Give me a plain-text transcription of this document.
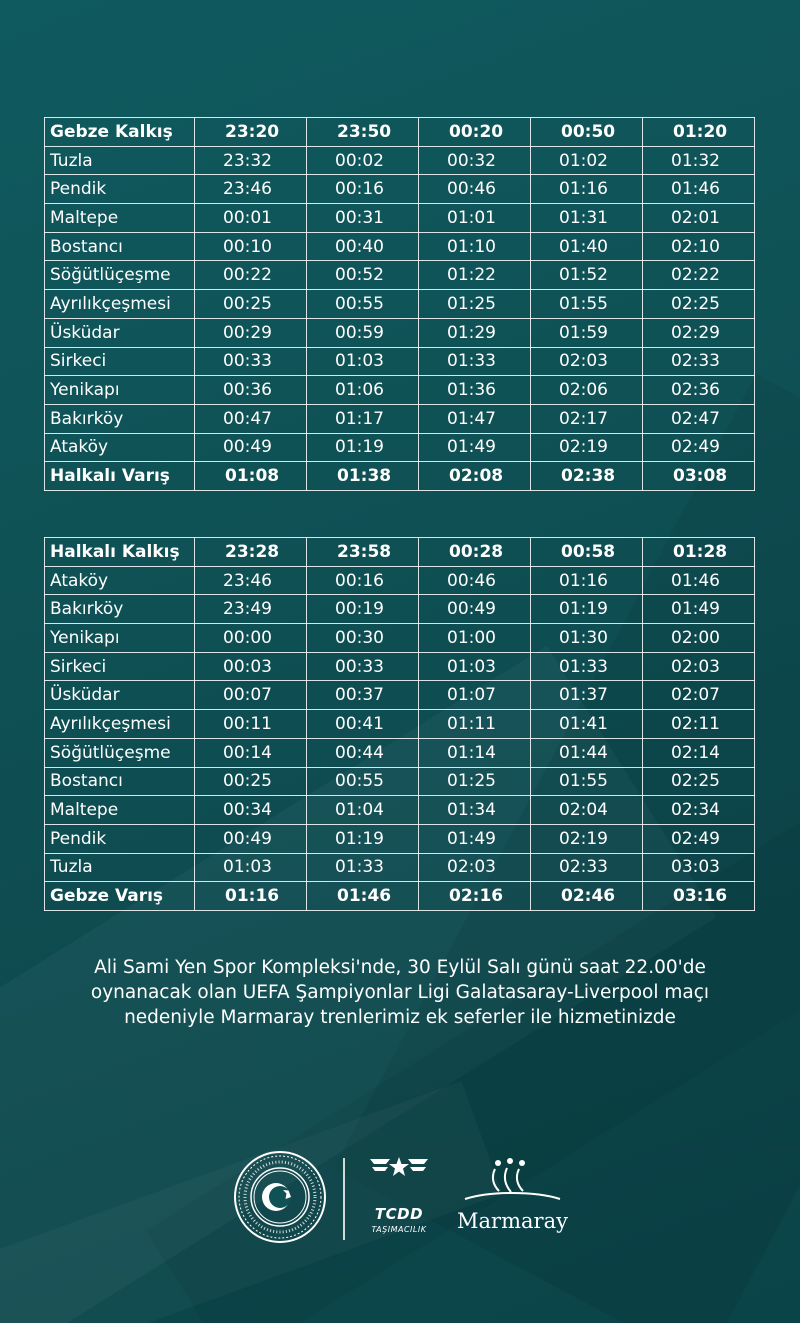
Gebze Kalkış	23:20	23:50	00:20	00:50	01:20
Tuzla	23:32	00:02	00:32	01:02	01:32
Pendik	23:46	00:16	00:46	01:16	01:46
Maltepe	00:01	00:31	01:01	01:31	02:01
Bostancı	00:10	00:40	01:10	01:40	02:10
Söğütlüçeşme	00:22	00:52	01:22	01:52	02:22
Ayrılıkçeşmesi	00:25	00:55	01:25	01:55	02:25
Üsküdar	00:29	00:59	01:29	01:59	02:29
Sirkeci	00:33	01:03	01:33	02:03	02:33
Yenikapı	00:36	01:06	01:36	02:06	02:36
Bakırköy	00:47	01:17	01:47	02:17	02:47
Ataköy	00:49	01:19	01:49	02:19	02:49
Halkalı Varış	01:08	01:38	02:08	02:38	03:08
Halkalı Kalkış	23:28	23:58	00:28	00:58	01:28
Ataköy	23:46	00:16	00:46	01:16	01:46
Bakırköy	23:49	00:19	00:49	01:19	01:49
Yenikapı	00:00	00:30	01:00	01:30	02:00
Sirkeci	00:03	00:33	01:03	01:33	02:03
Üsküdar	00:07	00:37	01:07	01:37	02:07
Ayrılıkçeşmesi	00:11	00:41	01:11	01:41	02:11
Söğütlüçeşme	00:14	00:44	01:14	01:44	02:14
Bostancı	00:25	00:55	01:25	01:55	02:25
Maltepe	00:34	01:04	01:34	02:04	02:34
Pendik	00:49	01:19	01:49	02:19	02:49
Tuzla	01:03	01:33	02:03	02:33	03:03
Gebze Varış	01:16	01:46	02:16	02:46	03:16

Ali Sami Yen Spor Kompleksi'nde, 30 Eylül Salı günü saat 22.00'de
oynanacak olan UEFA Şampiyonlar Ligi Galatasaray-Liverpool maçı
nedeniyle Marmaray trenlerimiz ek seferler ile hizmetinizde

TCDD
TAŞIMACILIK	Marmaray
